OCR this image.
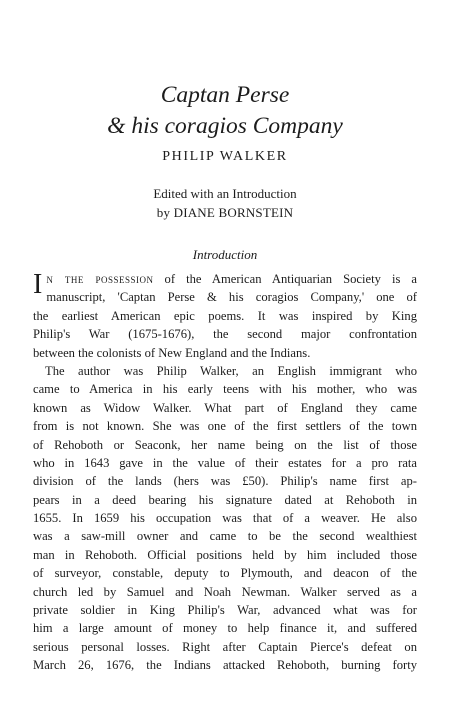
Captan Perse
& his coragios Company
PHILIP WALKER
Edited with an Introduction
by DIANE BORNSTEIN
Introduction
I n the possession of the American Antiquarian Society is a
manuscript, 'Captan Perse & his coragios Company,' one of
the earliest American epic poems. It was inspired by King
Philip's War (1675-1676), the second major confrontation
between the colonists of New England and the Indians.
The author was Philip Walker, an English immigrant who
came to America in his early teens with his mother, who was
known as Widow Walker. What part of England they came
from is not known. She was one of the first settlers of the town
of Rehoboth or Seaconk, her name being on the list of those
who in 1643 gave in the value of their estates for a pro rata
division of the lands (hers was £50). Philip's name first ap-
pears in a deed bearing his signature dated at Rehoboth in
1655. In 1659 his occupation was that of a weaver. He also
was a saw-mill owner and came to be the second wealthiest
man in Rehoboth. Official positions held by him included those
of surveyor, constable, deputy to Plymouth, and deacon of the
church led by Samuel and Noah Newman. Walker served as a
private soldier in King Philip's War, advanced what was for
him a large amount of money to help finance it, and suffered
serious personal losses. Right after Captain Pierce's defeat on
March 26, 1676, the Indians attacked Rehoboth, burning forty
